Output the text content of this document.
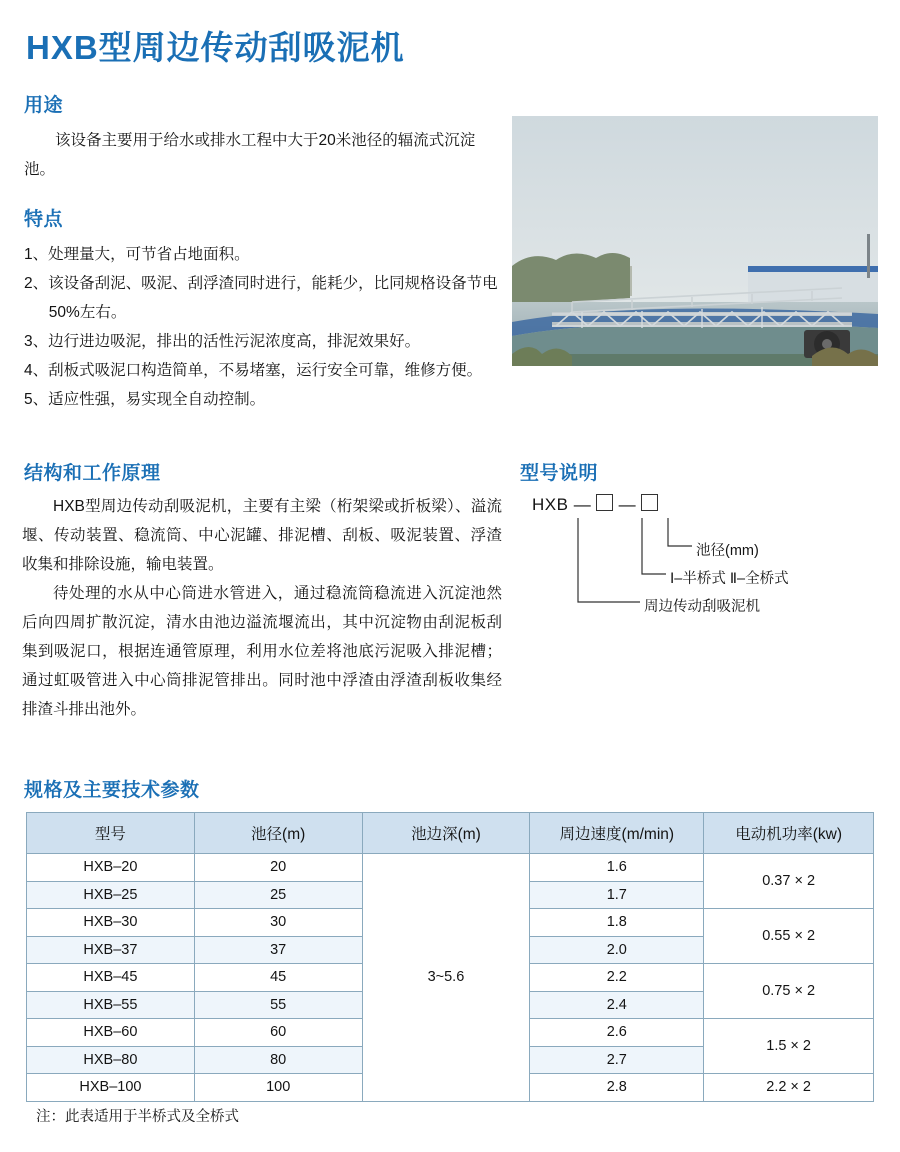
HXB型周边传动刮吸泥机
用途
该设备主要用于给水或排水工程中大于20米池径的辐流式沉淀池。
特点
1、处理量大，可节省占地面积。
2、该设备刮泥、吸泥、刮浮渣同时进行，能耗少，比同规格设备节电50%左右。
3、边行进边吸泥，排出的活性污泥浓度高，排泥效果好。
4、刮板式吸泥口构造简单，不易堵塞，运行安全可靠，维修方便。
5、适应性强，易实现全自动控制。
结构和工作原理

HXB型周边传动刮吸泥机，主要有主梁（桁架梁或折板梁）、溢流堰、传动装置、稳流筒、中心泥罐、排泥槽、刮板、吸泥装置、浮渣收集和排除设施，输电装置。

待处理的水从中心筒进水管进入，通过稳流筒稳流进入沉淀池然后向四周扩散沉淀，清水由池边溢流堰流出，其中沉淀物由刮泥板刮集到吸泥口，根据连通管原理，利用水位差将池底污泥吸入排泥槽；通过虹吸管进入中心筒排泥管排出。同时池中浮渣由浮渣刮板收集经排渣斗排出池外。

型号说明
HXB — —
池径(mm)
Ⅰ–半桥式 Ⅱ–全桥式
周边传动刮吸泥机
规格及主要技术参数
型号	池径(m)	池边深(m)	周边速度(m/min)	电动机功率(kw)
HXB–20	20	3~5.6	1.6	0.37 × 2
HXB–25	25		1.7	
HXB–30	30		1.8	0.55 × 2
HXB–37	37		2.0	
HXB–45	45		2.2	0.75 × 2
HXB–55	55		2.4	
HXB–60	60		2.6	1.5 × 2
HXB–80	80		2.7	
HXB–100	100		2.8	2.2 × 2
注：此表适用于半桥式及全桥式
